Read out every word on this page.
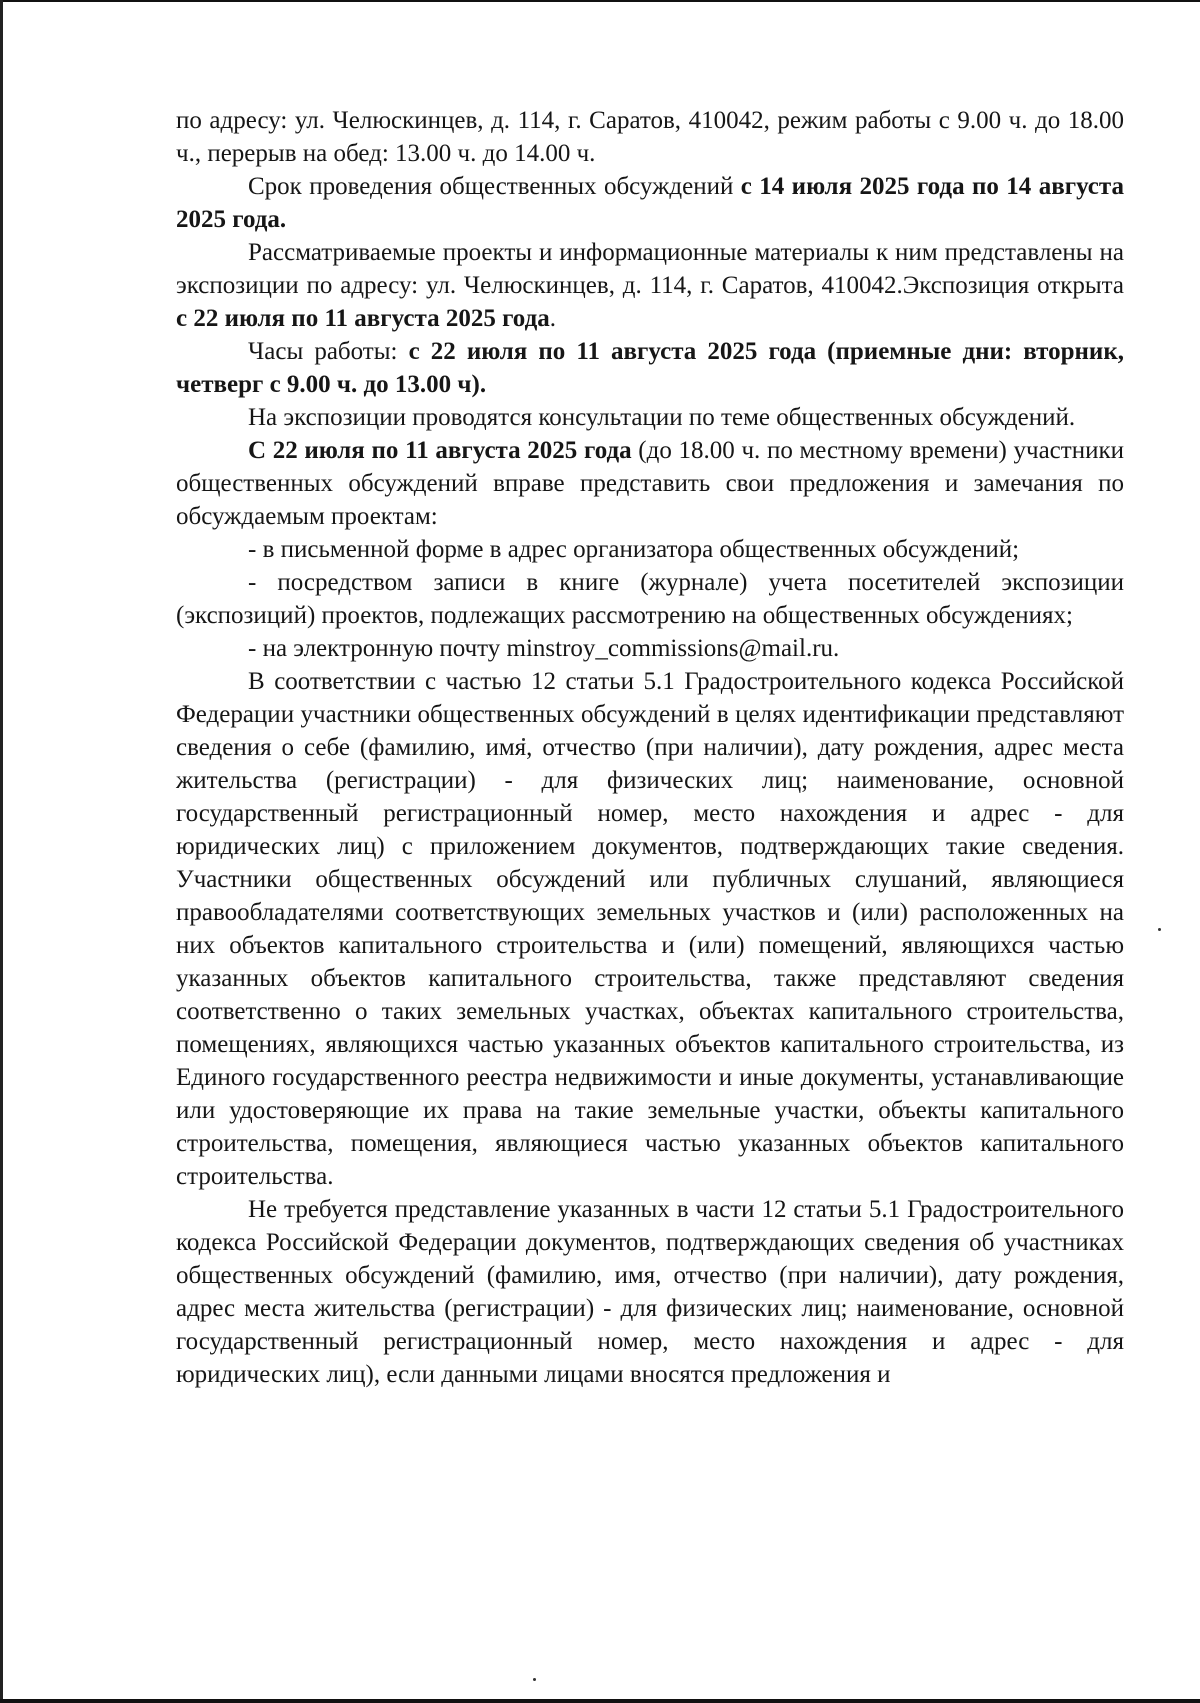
по адресу: ул. Челюскинцев, д. 114, г. Саратов, 410042, режим работы с 9.00 ч. до 18.00 ч., перерыв на обед: 13.00 ч. до 14.00 ч.

Срок проведения общественных обсуждений с 14 июля 2025 года по 14 августа 2025 года.

Рассматриваемые проекты и информационные материалы к ним представлены на экспозиции по адресу: ул. Челюскинцев, д. 114, г. Саратов, 410042.Экспозиция открыта с 22 июля по 11 августа 2025 года.

Часы работы: с 22 июля по 11 августа 2025 года (приемные дни: вторник, четверг с 9.00 ч. до 13.00 ч).

На экспозиции проводятся консультации по теме общественных обсуждений.

С 22 июля по 11 августа 2025 года (до 18.00 ч. по местному времени) участники общественных обсуждений вправе представить свои предложения и замечания по обсуждаемым проектам:

- в письменной форме в адрес организатора общественных обсуждений;

- посредством записи в книге (журнале) учета посетителей экспозиции (экспозиций) проектов, подлежащих рассмотрению на общественных обсуждениях;

- на электронную почту minstroy_commissions@mail.ru.

В соответствии с частью 12 статьи 5.1 Градостроительного кодекса Российской Федерации участники общественных обсуждений в целях идентификации представляют сведения о себе (фамилию, имя, отчество (при наличии), дату рождения, адрес места жительства (регистрации) - для физических лиц; наименование, основной государственный регистрационный номер, место нахождения и адрес - для юридических лиц) с приложением документов, подтверждающих такие сведения. Участники общественных обсуждений или публичных слушаний, являющиеся правообладателями соответствующих земельных участков и (или) расположенных на них объектов капитального строительства и (или) помещений, являющихся частью указанных объектов капитального строительства, также представляют сведения соответственно о таких земельных участках, объектах капитального строительства, помещениях, являющихся частью указанных объектов капитального строительства, из Единого государственного реестра недвижимости и иные документы, устанавливающие или удостоверяющие их права на такие земельные участки, объекты капитального строительства, помещения, являющиеся частью указанных объектов капитального строительства.

Не требуется представление указанных в части 12 статьи 5.1 Градостроительного кодекса Российской Федерации документов, подтверждающих сведения об участниках общественных обсуждений (фамилию, имя, отчество (при наличии), дату рождения, адрес места жительства (регистрации) - для физических лиц; наименование, основной государственный регистрационный номер, место нахождения и адрес - для юридических лиц), если данными лицами вносятся предложения и
